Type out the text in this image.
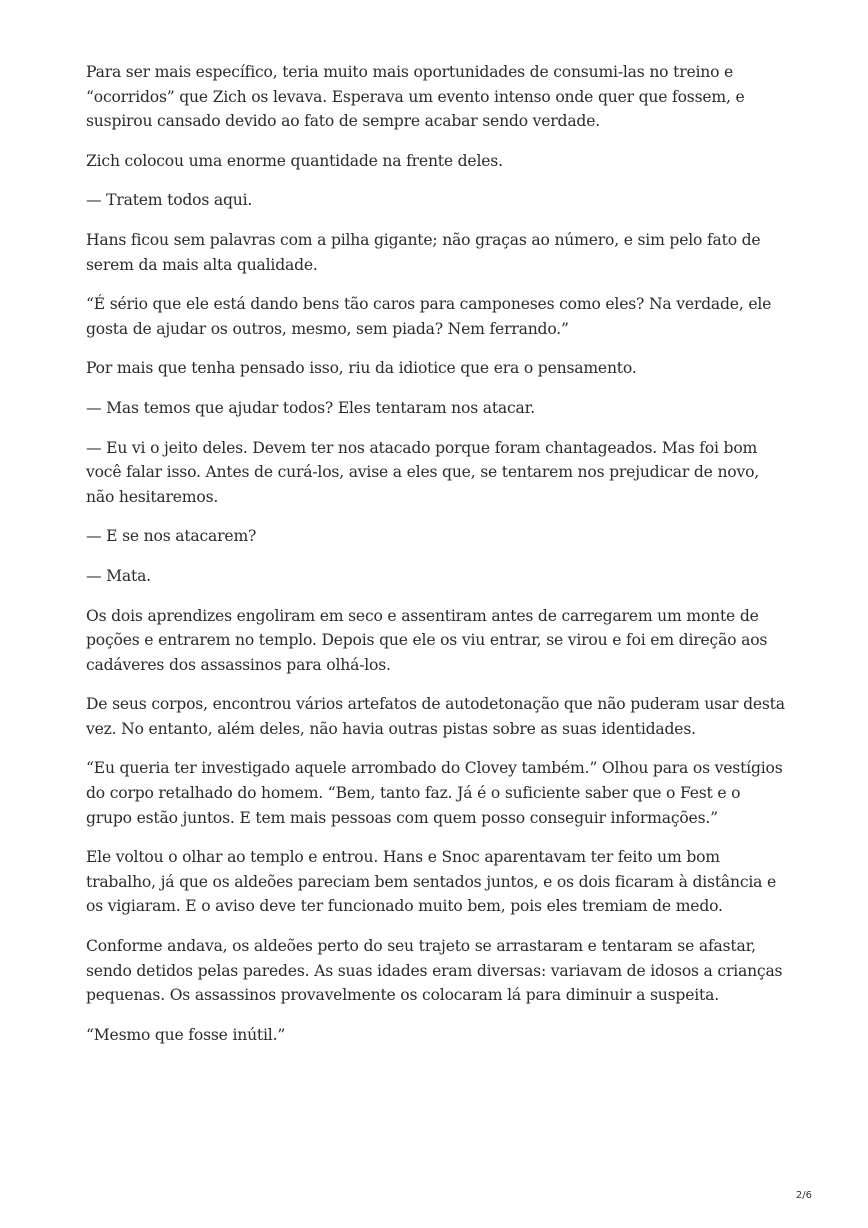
Para ser mais específico, teria muito mais oportunidades de consumi-las no treino e “ocorridos” que Zich os levava. Esperava um evento intenso onde quer que fossem, e suspirou cansado devido ao fato de sempre acabar sendo verdade.

Zich colocou uma enorme quantidade na frente deles.

— Tratem todos aqui.

Hans ficou sem palavras com a pilha gigante; não graças ao número, e sim pelo fato de serem da mais alta qualidade.

“É sério que ele está dando bens tão caros para camponeses como eles? Na verdade, ele gosta de ajudar os outros, mesmo, sem piada? Nem ferrando.”

Por mais que tenha pensado isso, riu da idiotice que era o pensamento.

— Mas temos que ajudar todos? Eles tentaram nos atacar.

— Eu vi o jeito deles. Devem ter nos atacado porque foram chantageados. Mas foi bom você falar isso. Antes de curá-los, avise a eles que, se tentarem nos prejudicar de novo, não hesitaremos.

— E se nos atacarem?

— Mata.

Os dois aprendizes engoliram em seco e assentiram antes de carregarem um monte de poções e entrarem no templo. Depois que ele os viu entrar, se virou e foi em direção aos cadáveres dos assassinos para olhá-los.

De seus corpos, encontrou vários artefatos de autodetonação que não puderam usar desta vez. No entanto, além deles, não havia outras pistas sobre as suas identidades.

“Eu queria ter investigado aquele arrombado do Clovey também.” Olhou para os vestígios do corpo retalhado do homem. “Bem, tanto faz. Já é o suficiente saber que o Fest e o grupo estão juntos. E tem mais pessoas com quem posso conseguir informações.”

Ele voltou o olhar ao templo e entrou. Hans e Snoc aparentavam ter feito um bom trabalho, já que os aldeões pareciam bem sentados juntos, e os dois ficaram à distância e os vigiaram. E o aviso deve ter funcionado muito bem, pois eles tremiam de medo.

Conforme andava, os aldeões perto do seu trajeto se arrastaram e tentaram se afastar, sendo detidos pelas paredes. As suas idades eram diversas: variavam de idosos a crianças pequenas. Os assassinos provavelmente os colocaram lá para diminuir a suspeita.

“Mesmo que fosse inútil.”

2/6
